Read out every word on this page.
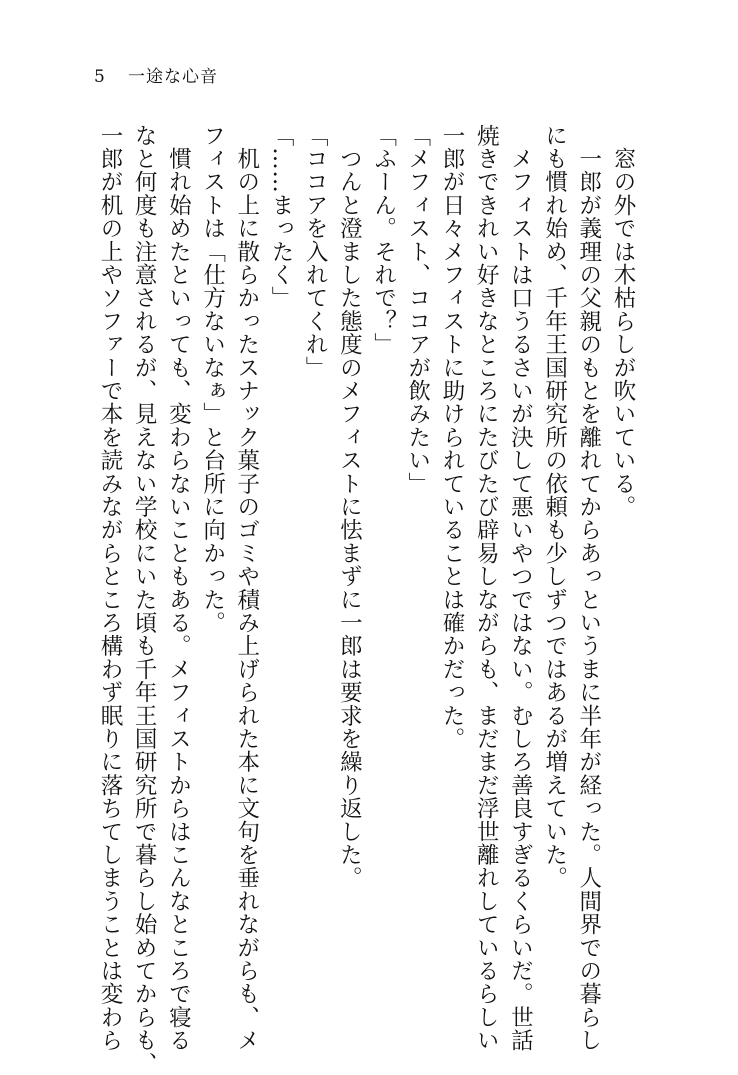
5	一途な心音
　窓の外では木枯らしが吹いている。
　一郎が義理の父親のもとを離れてからあっというまに半年が経った。人間界での暮らし
にも慣れ始め、千年王国研究所の依頼も少しずつではあるが増えていた。
　メフィストは口うるさいが決して悪いやつではない。むしろ善良すぎるくらいだ。世話
焼きできれい好きなところにたびたび辟易しながらも、まだまだ浮世離れしているらしい
一郎が日々メフィストに助けられていることは確かだった。
「メフィスト、ココアが飲みたい」
「ふーん。それで？」
　つんと澄ました態度のメフィストに怯まずに一郎は要求を繰り返した。
「ココアを入れてくれ」
「……まったく」
　机の上に散らかったスナック菓子のゴミや積み上げられた本に文句を垂れながらも、メ
フィストは「仕方ないなぁ」と台所に向かった。
　慣れ始めたといっても、変わらないこともある。メフィストからはこんなところで寝る
なと何度も注意されるが、見えない学校にいた頃も千年王国研究所で暮らし始めてからも、
一郎が机の上やソファーで本を読みながらところ構わず眠りに落ちてしまうことは変わら
